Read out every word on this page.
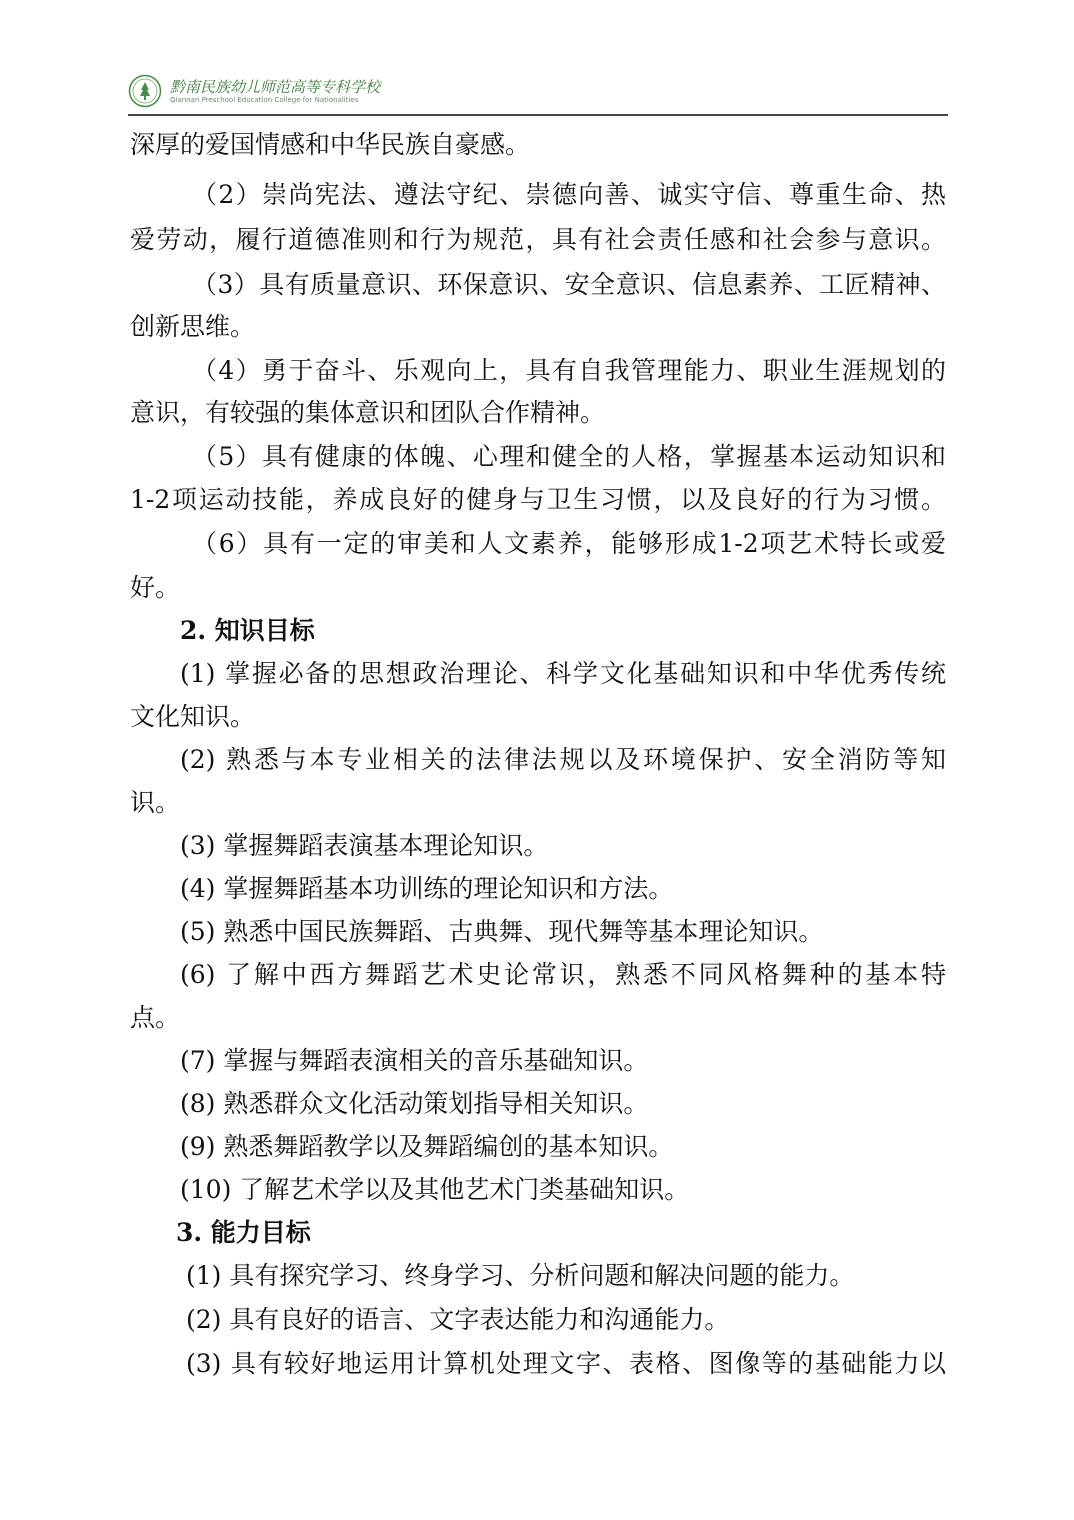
黔南民族幼儿师范高等专科学校
Qiannan Preschool Education College for Nationalities
深厚的爱国情感和中华民族自豪感。
（2）崇尚宪法、遵法守纪、崇德向善、诚实守信、尊重生命、热
爱劳动，履行道德准则和行为规范，具有社会责任感和社会参与意识。
（3）具有质量意识、环保意识、安全意识、信息素养、工匠精神、
创新思维。
（4）勇于奋斗、乐观向上，具有自我管理能力、职业生涯规划的
意识，有较强的集体意识和团队合作精神。
（5）具有健康的体魄、心理和健全的人格，掌握基本运动知识和
1-2项运动技能，养成良好的健身与卫生习惯，以及良好的行为习惯。
（6）具有一定的审美和人文素养，能够形成1-2项艺术特长或爱
好。
2. 知识目标
(1) 掌握必备的思想政治理论、科学文化基础知识和中华优秀传统
文化知识。
(2) 熟悉与本专业相关的法律法规以及环境保护、安全消防等知
识。
(3) 掌握舞蹈表演基本理论知识。
(4) 掌握舞蹈基本功训练的理论知识和方法。
(5) 熟悉中国民族舞蹈、古典舞、现代舞等基本理论知识。
(6) 了解中西方舞蹈艺术史论常识，熟悉不同风格舞种的基本特
点。
(7) 掌握与舞蹈表演相关的音乐基础知识。
(8) 熟悉群众文化活动策划指导相关知识。
(9) 熟悉舞蹈教学以及舞蹈编创的基本知识。
(10) 了解艺术学以及其他艺术门类基础知识。
3. 能力目标
(1) 具有探究学习、终身学习、分析问题和解决问题的能力。
(2) 具有良好的语言、文字表达能力和沟通能力。
(3) 具有较好地运用计算机处理文字、表格、图像等的基础能力以
